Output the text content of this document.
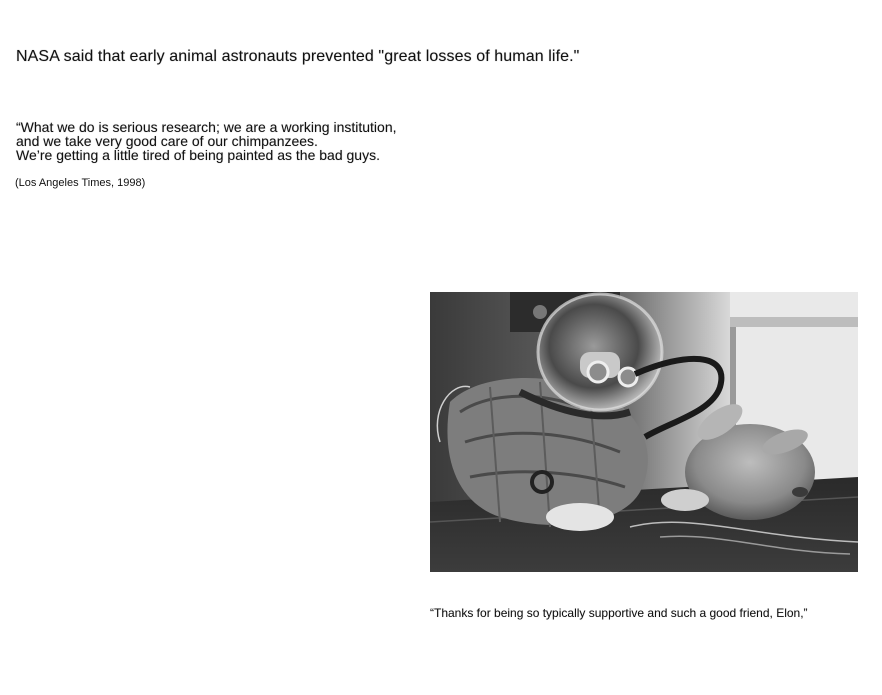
NASA said that early animal astronauts prevented "great losses of human life."
“What we do is serious research; we are a working institution,
and we take very good care of our chimpanzees.
We’re getting a little tired of being painted as the bad guys.
(Los Angeles Times, 1998)
“Thanks for being so typically supportive and such a good friend, Elon,”
